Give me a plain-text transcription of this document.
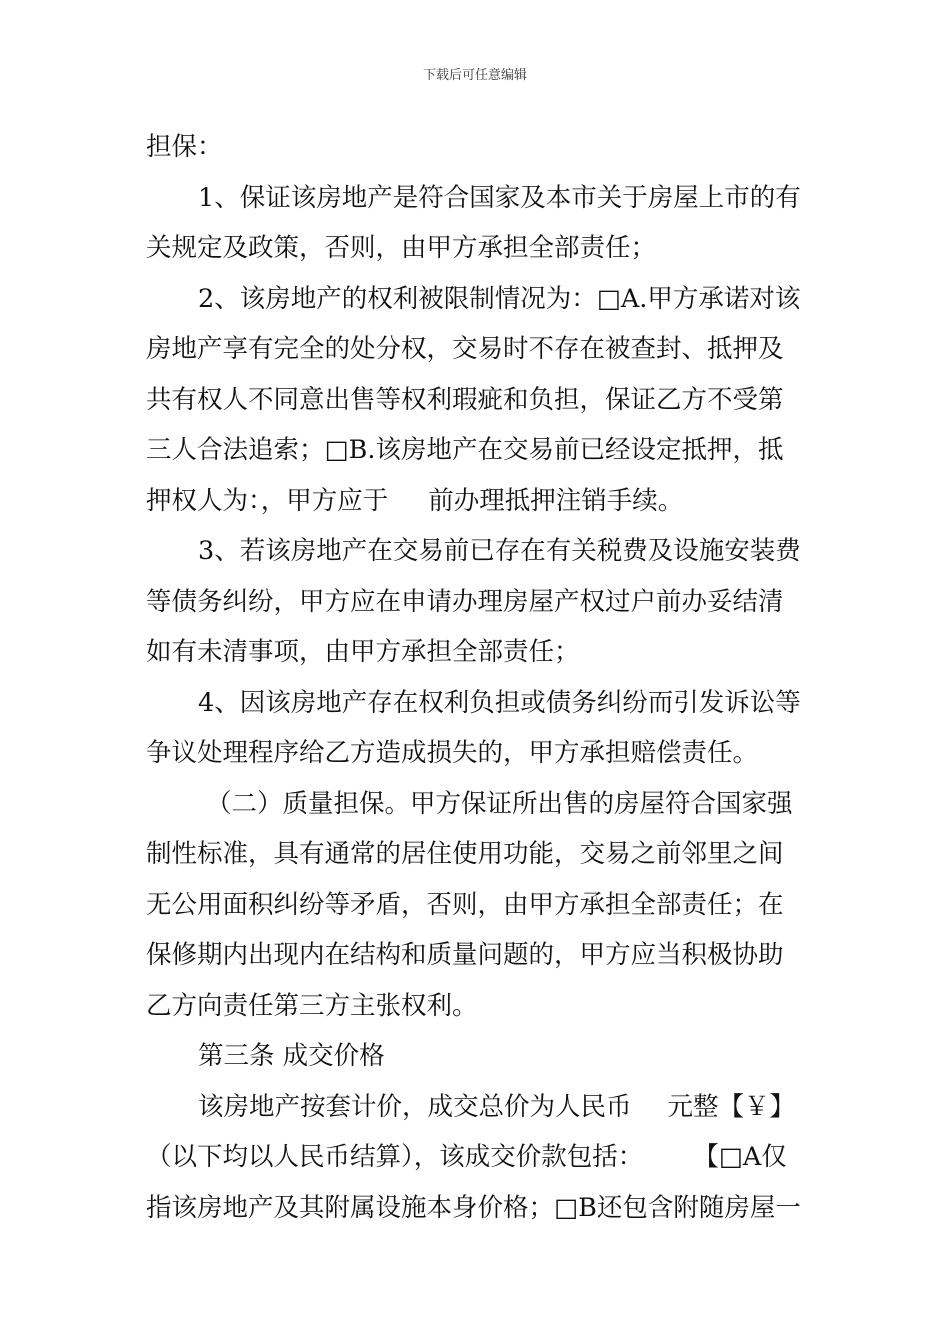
下载后可任意编辑
担保：
1、保证该房地产是符合国家及本市关于房屋上市的有
关规定及政策，否则，由甲方承担全部责任；
2、该房地产的权利被限制情况为：□A.甲方承诺对该
房地产享有完全的处分权，交易时不存在被查封、抵押及
共有权人不同意出售等权利瑕疵和负担，保证乙方不受第
三人合法追索；□B.该房地产在交易前已经设定抵押，抵
押权人为：，甲方应于 前办理抵押注销手续。
3、若该房地产在交易前已存在有关税费及设施安装费
等债务纠纷，甲方应在申请办理房屋产权过户前办妥结清
如有未清事项，由甲方承担全部责任；
4、因该房地产存在权利负担或债务纠纷而引发诉讼等
争议处理程序给乙方造成损失的，甲方承担赔偿责任。
（二）质量担保。甲方保证所出售的房屋符合国家强
制性标准，具有通常的居住使用功能，交易之前邻里之间
无公用面积纠纷等矛盾，否则，由甲方承担全部责任；在
保修期内出现内在结构和质量问题的，甲方应当积极协助
乙方向责任第三方主张权利。
第三条 成交价格
该房地产按套计价，成交总价为人民币 元整【￥】
（以下均以人民币结算），该成交价款包括： 【□A仅
指该房地产及其附属设施本身价格；□B还包含附随房屋一
